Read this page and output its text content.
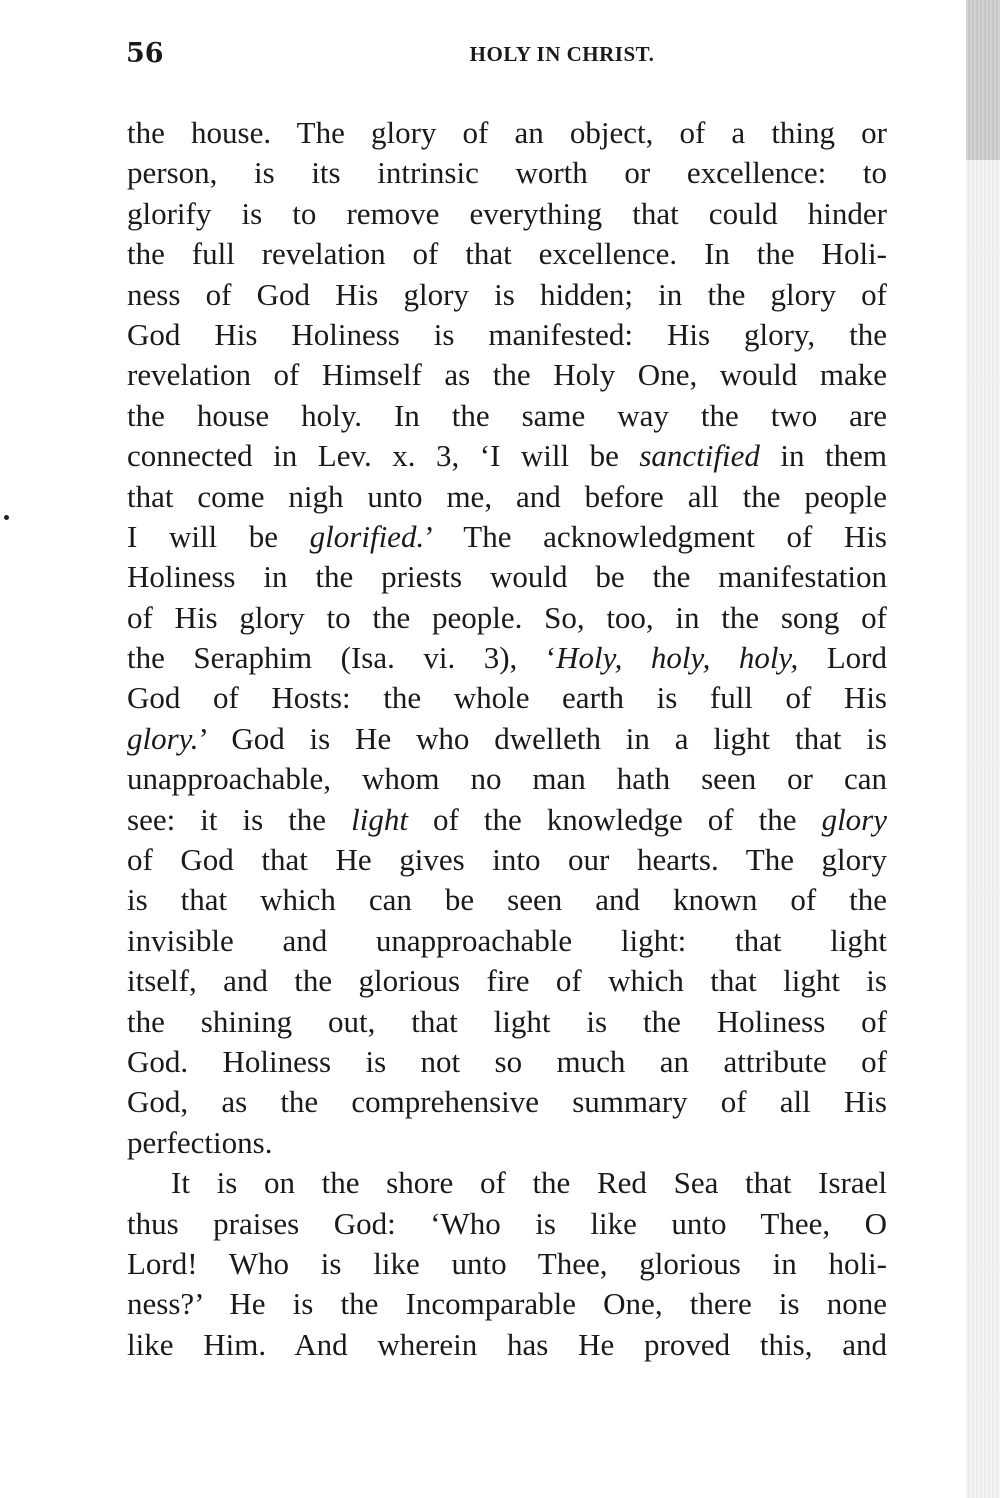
56	HOLY IN CHRIST.
the house. The glory of an object, of a thing or
person, is its intrinsic worth or excellence: to
glorify is to remove everything that could hinder
the full revelation of that excellence. In the Holi-
ness of God His glory is hidden; in the glory of
God His Holiness is manifested: His glory, the
revelation of Himself as the Holy One, would make
the house holy. In the same way the two are
connected in Lev. x. 3, ‘I will be sanctified in them
that come nigh unto me, and before all the people
I will be glorified.’ The acknowledgment of His
Holiness in the priests would be the manifestation
of His glory to the people. So, too, in the song of
the Seraphim (Isa. vi. 3), ‘Holy, holy, holy, Lord
God of Hosts: the whole earth is full of His
glory.’ God is He who dwelleth in a light that is
unapproachable, whom no man hath seen or can
see: it is the light of the knowledge of the glory
of God that He gives into our hearts. The glory
is that which can be seen and known of the
invisible and unapproachable light: that light
itself, and the glorious fire of which that light is
the shining out, that light is the Holiness of
God. Holiness is not so much an attribute of
God, as the comprehensive summary of all His
perfections.
It is on the shore of the Red Sea that Israel
thus praises God: ‘Who is like unto Thee, O
Lord! Who is like unto Thee, glorious in holi-
ness?’ He is the Incomparable One, there is none
like Him. And wherein has He proved this, and
